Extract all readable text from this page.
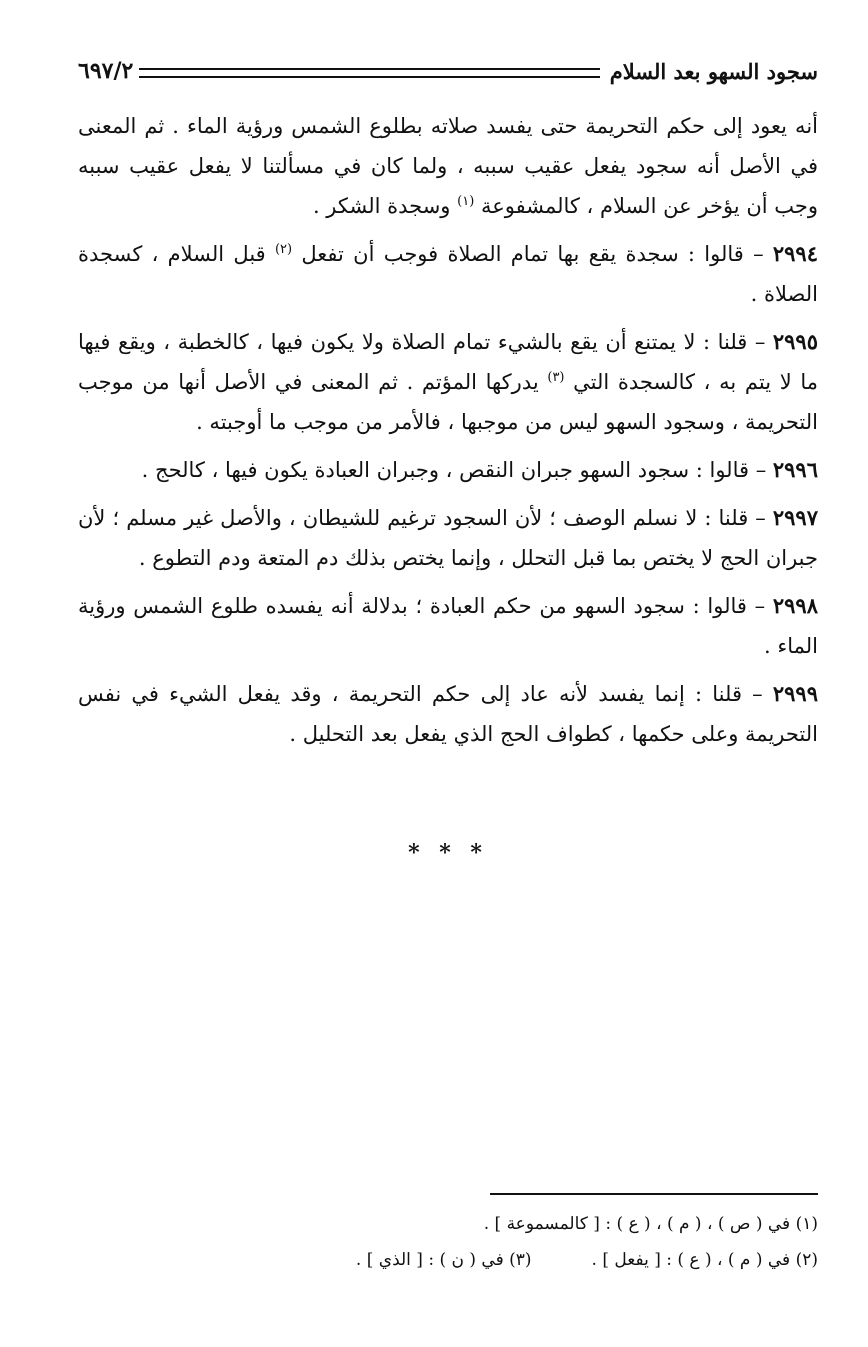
سجود السهو بعد السلام
٦٩٧/٢

أنه يعود إلى حكم التحريمة حتى يفسد صلاته بطلوع الشمس ورؤية الماء . ثم المعنى في الأصل أنه سجود يفعل عقيب سببه ، ولما كان في مسألتنا لا يفعل عقيب سببه وجب أن يؤخر عن السلام ، كالمشفوعة $^{(١)}$ وسجدة الشكر .

٢٩٩٤ – قالوا : سجدة يقع بها تمام الصلاة فوجب أن تفعل $^{(٢)}$ قبل السلام ، كسجدة الصلاة .

٢٩٩٥ – قلنا : لا يمتنع أن يقع بالشيء تمام الصلاة ولا يكون فيها ، كالخطبة ، ويقع فيها ما لا يتم به ، كالسجدة التي $^{(٣)}$ يدركها المؤتم . ثم المعنى في الأصل أنها من موجب التحريمة ، وسجود السهو ليس من موجبها ، فالأمر من موجب ما أوجبته .

٢٩٩٦ – قالوا : سجود السهو جبران النقص ، وجبران العبادة يكون فيها ، كالحج .

٢٩٩٧ – قلنا : لا نسلم الوصف ؛ لأن السجود ترغيم للشيطان ، والأصل غير مسلم ؛ لأن جبران الحج لا يختص بما قبل التحلل ، وإنما يختص بذلك دم المتعة ودم التطوع .

٢٩٩٨ – قالوا : سجود السهو من حكم العبادة ؛ بدلالة أنه يفسده طلوع الشمس ورؤية الماء .

٢٩٩٩ – قلنا : إنما يفسد لأنه عاد إلى حكم التحريمة ، وقد يفعل الشيء في نفس التحريمة وعلى حكمها ، كطواف الحج الذي يفعل بعد التحليل .

* * *
(١) في ( ص ) ، ( م ) ، ( ع ) : [ كالمسموعة ] .
(٢) في ( م ) ، ( ع ) : [ يفعل ] .
(٣) في ( ن ) : [ الذي ] .
